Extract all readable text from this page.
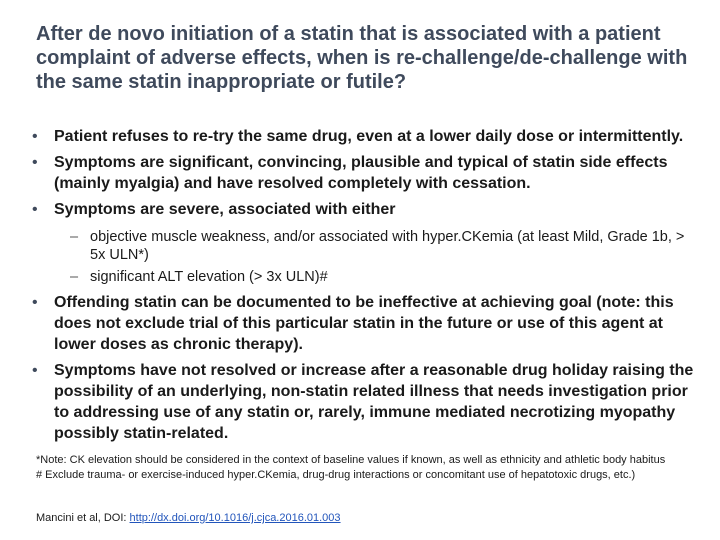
After de novo initiation of a statin that is associated with a patient complaint of adverse effects, when is re-challenge/de-challenge with the same statin inappropriate or futile?
• Patient refuses to re-try the same drug, even at a lower daily dose or intermittently.
• Symptoms are significant, convincing, plausible and typical of statin side effects (mainly myalgia) and have resolved completely with cessation.
• Symptoms are severe, associated with either
– objective muscle weakness, and/or associated with hyper.CKemia (at least Mild, Grade 1b, > 5x ULN*)
– significant ALT elevation (> 3x ULN)#
• Offending statin can be documented to be ineffective at achieving goal (note: this does not exclude trial of this particular statin in the future or use of this agent at lower doses as chronic therapy).
• Symptoms have not resolved or increase after a reasonable drug holiday raising the possibility of an underlying, non-statin related illness that needs investigation prior to addressing use of any statin or, rarely, immune mediated necrotizing myopathy possibly statin-related.

*Note: CK elevation should be considered in the context of baseline values if known, as well as ethnicity and athletic body habitus

# Exclude trauma- or exercise-induced hyper.CKemia, drug-drug interactions or concomitant use of hepatotoxic drugs, etc.)

Mancini et al, DOI: http://dx.doi.org/10.1016/j.cjca.2016.01.003
